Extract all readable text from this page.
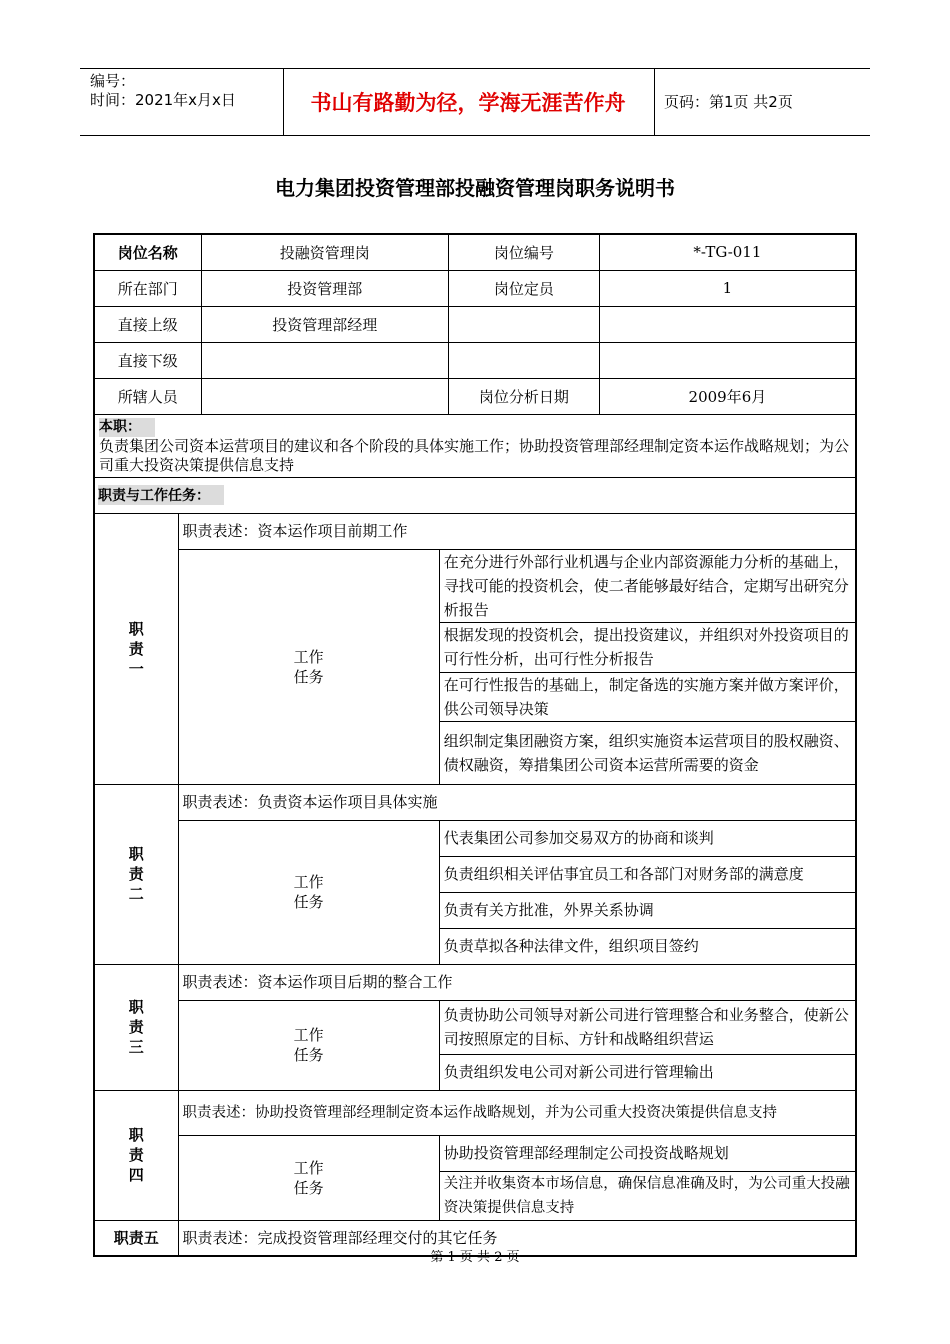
编号：
时间：2021年x月x日	书山有路勤为径，学海无涯苦作舟	页码：第1页 共2页
电力集团投资管理部投融资管理岗职务说明书
岗位名称		投融资管理岗		岗位编号	*-TG-011
所在部门		投资管理部		岗位定员	1
直接上级		投资管理部经理			
直接下级					
所辖人员				岗位分析日期	2009年6月

本职：
负责集团公司资本运营项目的建议和各个阶段的具体实施工作；协助投资管理部经理制定资本运作战略规划；为公司重大投资决策提供信息支持					

职责与工作任务：					

职责一	职责表述：资本运作项目前期工作				

	工作任务		在充分进行外部行业机遇与企业内部资源能力分析的基础上，寻找可能的投资机会，使二者能够最好结合，定期写出研究分析报告		
			根据发现的投资机会，提出投资建议，并组织对外投资项目的可行性分析，出可行性分析报告		
			在可行性报告的基础上，制定备选的实施方案并做方案评价，供公司领导决策		
			组织制定集团融资方案，组织实施资本运营项目的股权融资、债权融资，筹措集团公司资本运营所需要的资金		

职责二	职责表述：负责资本运作项目具体实施				

	工作任务		代表集团公司参加交易双方的协商和谈判		
			负责组织相关评估事宜员工和各部门对财务部的满意度		
			负责有关方批准，外界关系协调		
			负责草拟各种法律文件，组织项目签约		

职责三	职责表述：资本运作项目后期的整合工作				

	工作任务		负责协助公司领导对新公司进行管理整合和业务整合，使新公司按照原定的目标、方针和战略组织营运		
			负责组织发电公司对新公司进行管理输出		

职责四	职责表述：协助投资管理部经理制定资本运作战略规划，并为公司重大投资决策提供信息支持				

	工作任务		协助投资管理部经理制定公司投资战略规划		
			关注并收集资本市场信息，确保信息准确及时，为公司重大投融资决策提供信息支持		
职责五	职责表述：完成投资管理部经理交付的其它任务				
第 1 页 共 2 页
